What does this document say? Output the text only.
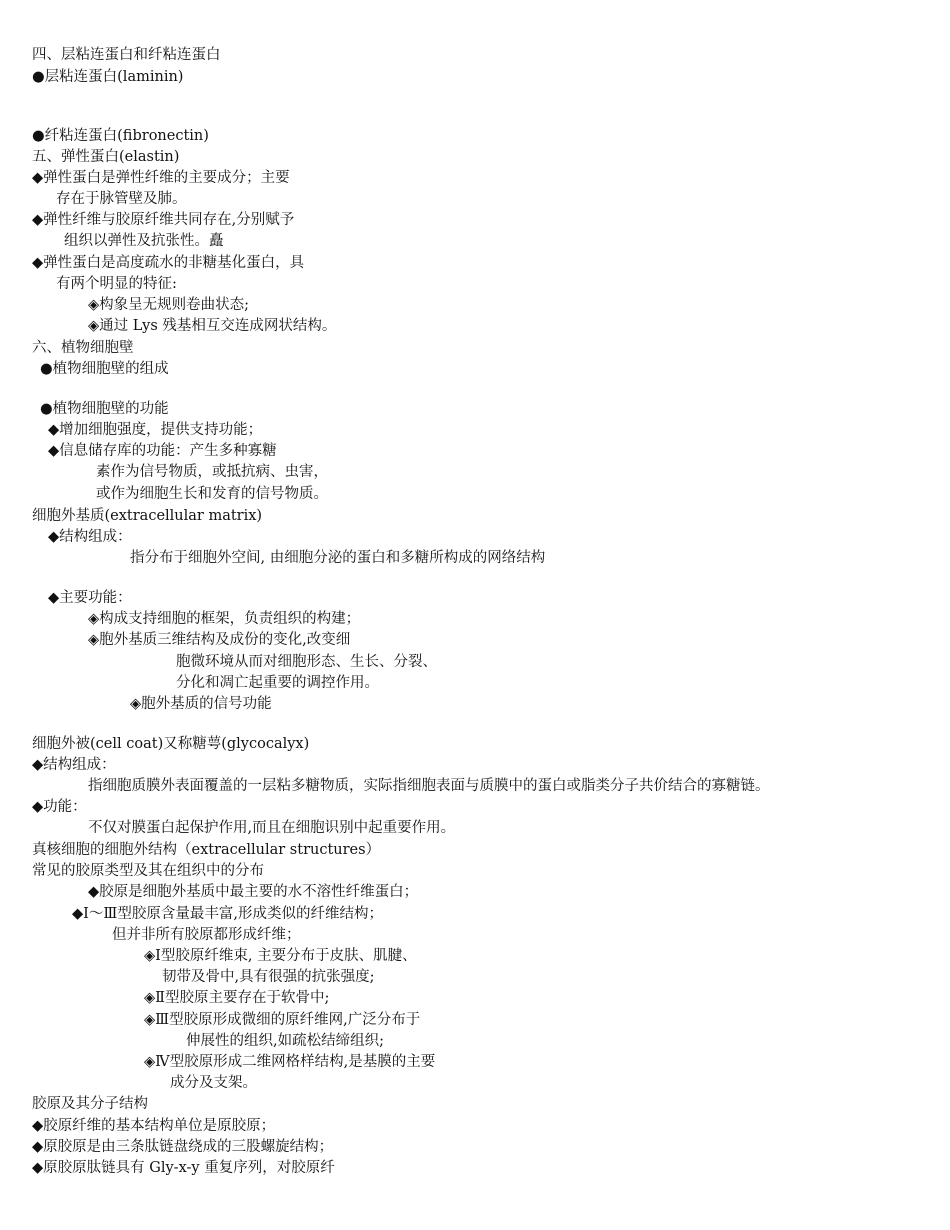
四、层粘连蛋白和纤粘连蛋白
●层粘连蛋白(laminin)
●纤粘连蛋白(fibronectin)
五、弹性蛋白(elastin)
◆弹性蛋白是弹性纤维的主要成分；主要
存在于脉管壁及肺。
◆弹性纤维与胶原纤维共同存在,分别赋予
组织以弹性及抗张性。矗
◆弹性蛋白是高度疏水的非糖基化蛋白，具
有两个明显的特征:
◈构象呈无规则卷曲状态;
◈通过 Lys 残基相互交连成网状结构。
六、植物细胞壁
●植物细胞壁的组成
●植物细胞壁的功能
◆增加细胞强度，提供支持功能；
◆信息储存库的功能：产生多种寡糖
素作为信号物质，或抵抗病、虫害，
或作为细胞生长和发育的信号物质。
细胞外基质(extracellular matrix)
◆结构组成：
指分布于细胞外空间, 由细胞分泌的蛋白和多糖所构成的网络结构
◆主要功能：
◈构成支持细胞的框架，负责组织的构建；
◈胞外基质三维结构及成份的变化,改变细
胞微环境从而对细胞形态、生长、分裂、
分化和凋亡起重要的调控作用。
◈胞外基质的信号功能
细胞外被(cell coat)又称糖萼(glycocalyx)
◆结构组成：
指细胞质膜外表面覆盖的一层粘多糖物质，实际指细胞表面与质膜中的蛋白或脂类分子共价结合的寡糖链。
◆功能：
不仅对膜蛋白起保护作用,而且在细胞识别中起重要作用。
真核细胞的细胞外结构（extracellular structures）
常见的胶原类型及其在组织中的分布
◆胶原是细胞外基质中最主要的水不溶性纤维蛋白；
◆Ⅰ～Ⅲ型胶原含量最丰富,形成类似的纤维结构；
但并非所有胶原都形成纤维；
◈Ⅰ型胶原纤维束, 主要分布于皮肤、肌腱、
韧带及骨中,具有很强的抗张强度;
◈Ⅱ型胶原主要存在于软骨中;
◈Ⅲ型胶原形成微细的原纤维网,广泛分布于
伸展性的组织,如疏松结缔组织;
◈Ⅳ型胶原形成二维网格样结构,是基膜的主要
成分及支架。
胶原及其分子结构
◆胶原纤维的基本结构单位是原胶原；
◆原胶原是由三条肽链盘绕成的三股螺旋结构；
◆原胶原肽链具有 Gly-x-y 重复序列，对胶原纤
